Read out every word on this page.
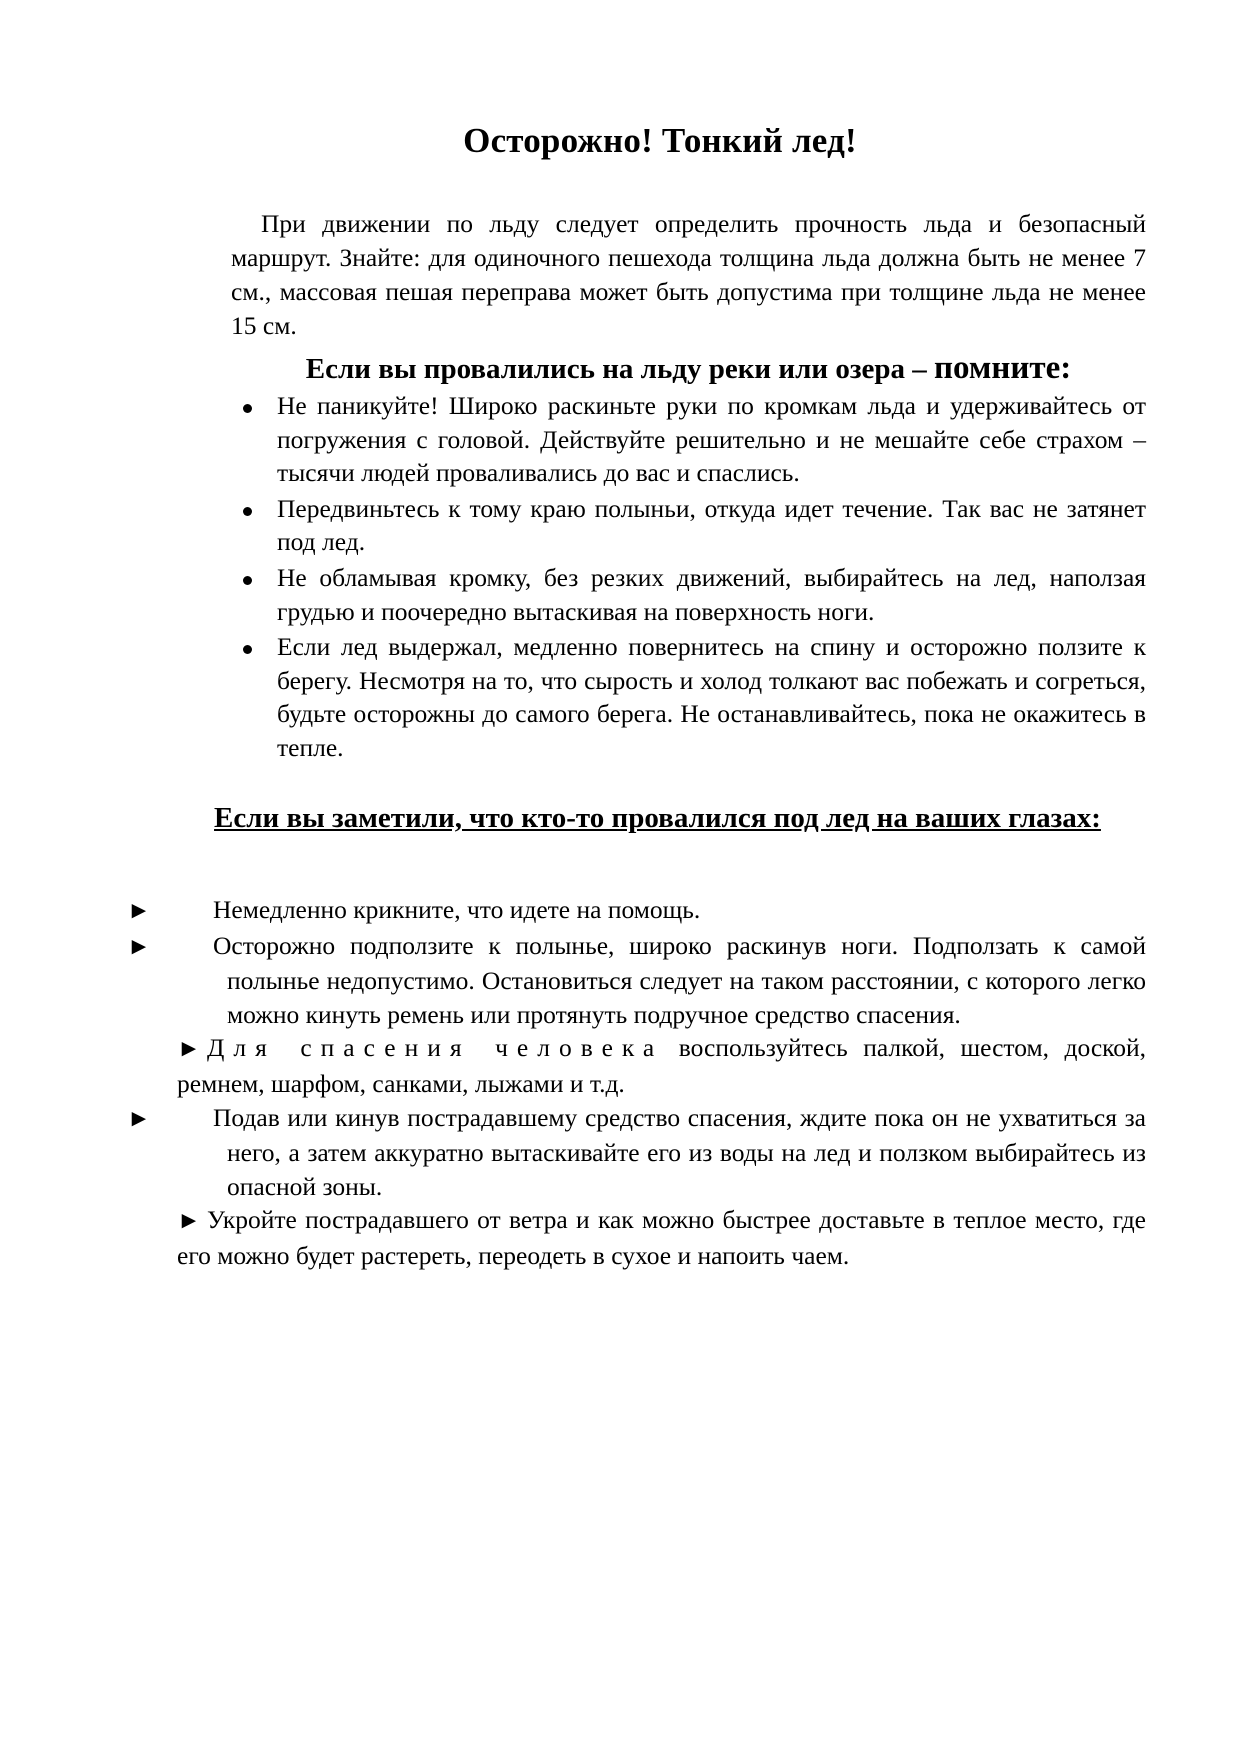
Осторожно! Тонкий лед!

При движении по льду следует определить прочность льда и безопасный маршрут. Знайте: для одиночного пешехода толщина льда должна быть не менее 7 см., массовая пешая переправа может быть допустима при толщине льда не менее 15 см.

Если вы провалились на льду реки или озера – помните:
Не паникуйте! Широко раскиньте руки по кромкам льда и удерживайтесь от погружения с головой. Действуйте решительно и не мешайте себе страхом – тысячи людей проваливались до вас и спаслись.
Передвиньтесь к тому краю полыньи, откуда идет течение. Так вас не затянет под лед.
Не обламывая кромку, без резких движений, выбирайтесь на лед, наползая грудью и поочередно вытаскивая на поверхность ноги.
Если лед выдержал, медленно повернитесь на спину и осторожно ползите к берегу. Несмотря на то, что сырость и холод толкают вас побежать и согреться, будьте осторожны до самого берега. Не останавливайтесь, пока не окажитесь в тепле.
Если вы заметили, что кто-то провалился под лед на ваших глазах:

► Немедленно крикните, что идете на помощь.

► Осторожно подползите к полынье, широко раскинув ноги. Подползать к самой полынье недопустимо. Остановиться следует на таком расстоянии, с которого легко можно кинуть ремень или протянуть подручное средство спасения.

► Для спасения человека воспользуйтесь палкой, шестом, доской, ремнем, шарфом, санками, лыжами и т.д.

► Подав или кинув пострадавшему средство спасения, ждите пока он не ухватиться за него, а затем аккуратно вытаскивайте его из воды на лед и ползком выбирайтесь из опасной зоны.

► Укройте пострадавшего от ветра и как можно быстрее доставьте в теплое место, где его можно будет растереть, переодеть в сухое и напоить чаем.
